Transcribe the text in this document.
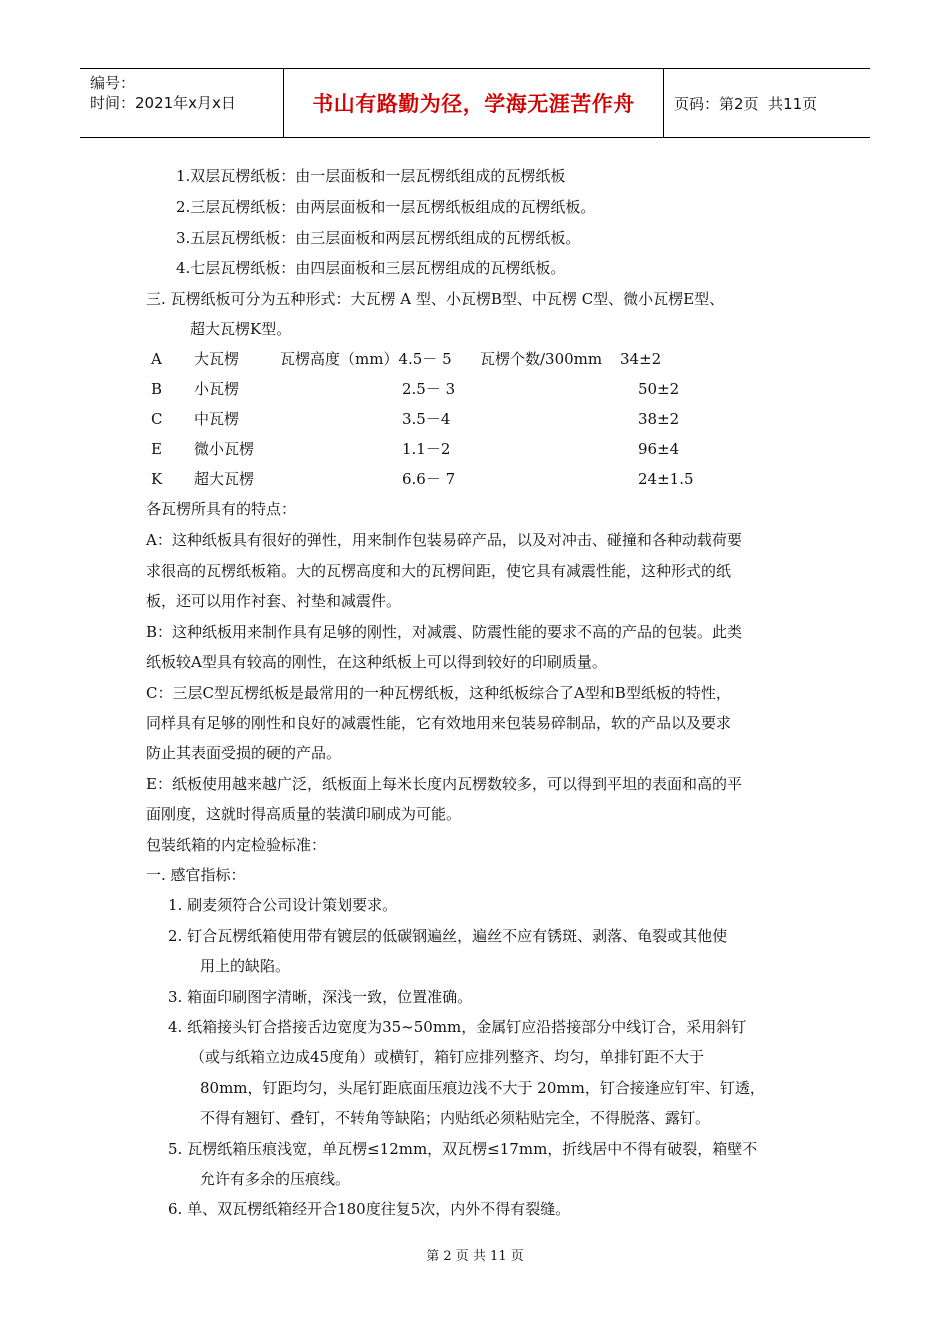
编号：
时间：2021年x月x日	书山有路勤为径，学海无涯苦作舟	页码：第2页  共11页
1.双层瓦楞纸板：由一层面板和一层瓦楞纸组成的瓦楞纸板
2.三层瓦楞纸板：由两层面板和一层瓦楞纸板组成的瓦楞纸板。
3.五层瓦楞纸板：由三层面板和两层瓦楞纸组成的瓦楞纸板。
4.七层瓦楞纸板：由四层面板和三层瓦楞组成的瓦楞纸板。
三. 瓦楞纸板可分为五种形式：大瓦楞 A 型、小瓦楞B型、中瓦楞 C型、微小瓦楞E型、
超大瓦楞K型。
A 大瓦楞	瓦楞高度（mm）4.5－ 5 瓦楞个数/300mm 34±2
B 小瓦楞	2.5－ 3	50±2
C 中瓦楞	3.5－4	38±2
E 微小瓦楞	1.1－2	96±4
K 超大瓦楞	6.6－ 7	24±1.5
各瓦楞所具有的特点：
A：这种纸板具有很好的弹性，用来制作包装易碎产品，以及对冲击、碰撞和各种动载荷要
求很高的瓦楞纸板箱。大的瓦楞高度和大的瓦楞间距，使它具有减震性能，这种形式的纸
板，还可以用作衬套、衬垫和减震件。
B：这种纸板用来制作具有足够的刚性，对减震、防震性能的要求不高的产品的包装。此类
纸板较A型具有较高的刚性，在这种纸板上可以得到较好的印刷质量。
C：三层C型瓦楞纸板是最常用的一种瓦楞纸板，这种纸板综合了A型和B型纸板的特性，
同样具有足够的刚性和良好的减震性能，它有效地用来包装易碎制品，软的产品以及要求
防止其表面受损的硬的产品。
E：纸板使用越来越广泛，纸板面上每米长度内瓦楞数较多，可以得到平坦的表面和高的平
面刚度，这就时得高质量的装潢印刷成为可能。
包装纸箱的内定检验标准：
一. 感官指标：
1. 刷麦须符合公司设计策划要求。
2. 钉合瓦楞纸箱使用带有镀层的低碳钢遍丝，遍丝不应有锈斑、剥落、龟裂或其他使
用上的缺陷。
3. 箱面印刷图字清晰，深浅一致，位置准确。
4. 纸箱接头钉合搭接舌边宽度为35~50mm，金属钉应沿搭接部分中线订合，采用斜钉
（或与纸箱立边成45度角）或横钉，箱钉应排列整齐、均匀，单排钉距不大于
80mm，钉距均匀，头尾钉距底面压痕边浅不大于 20mm，钉合接逢应钉牢、钉透，
不得有翘钉、叠钉，不转角等缺陷；内贴纸必须粘贴完全，不得脱落、露钉。
5. 瓦楞纸箱压痕浅宽，单瓦楞≤12mm，双瓦楞≤17mm，折线居中不得有破裂，箱壁不
允许有多余的压痕线。
6. 单、双瓦楞纸箱经开合180度往复5次，内外不得有裂缝。
第 2 页 共 11 页
